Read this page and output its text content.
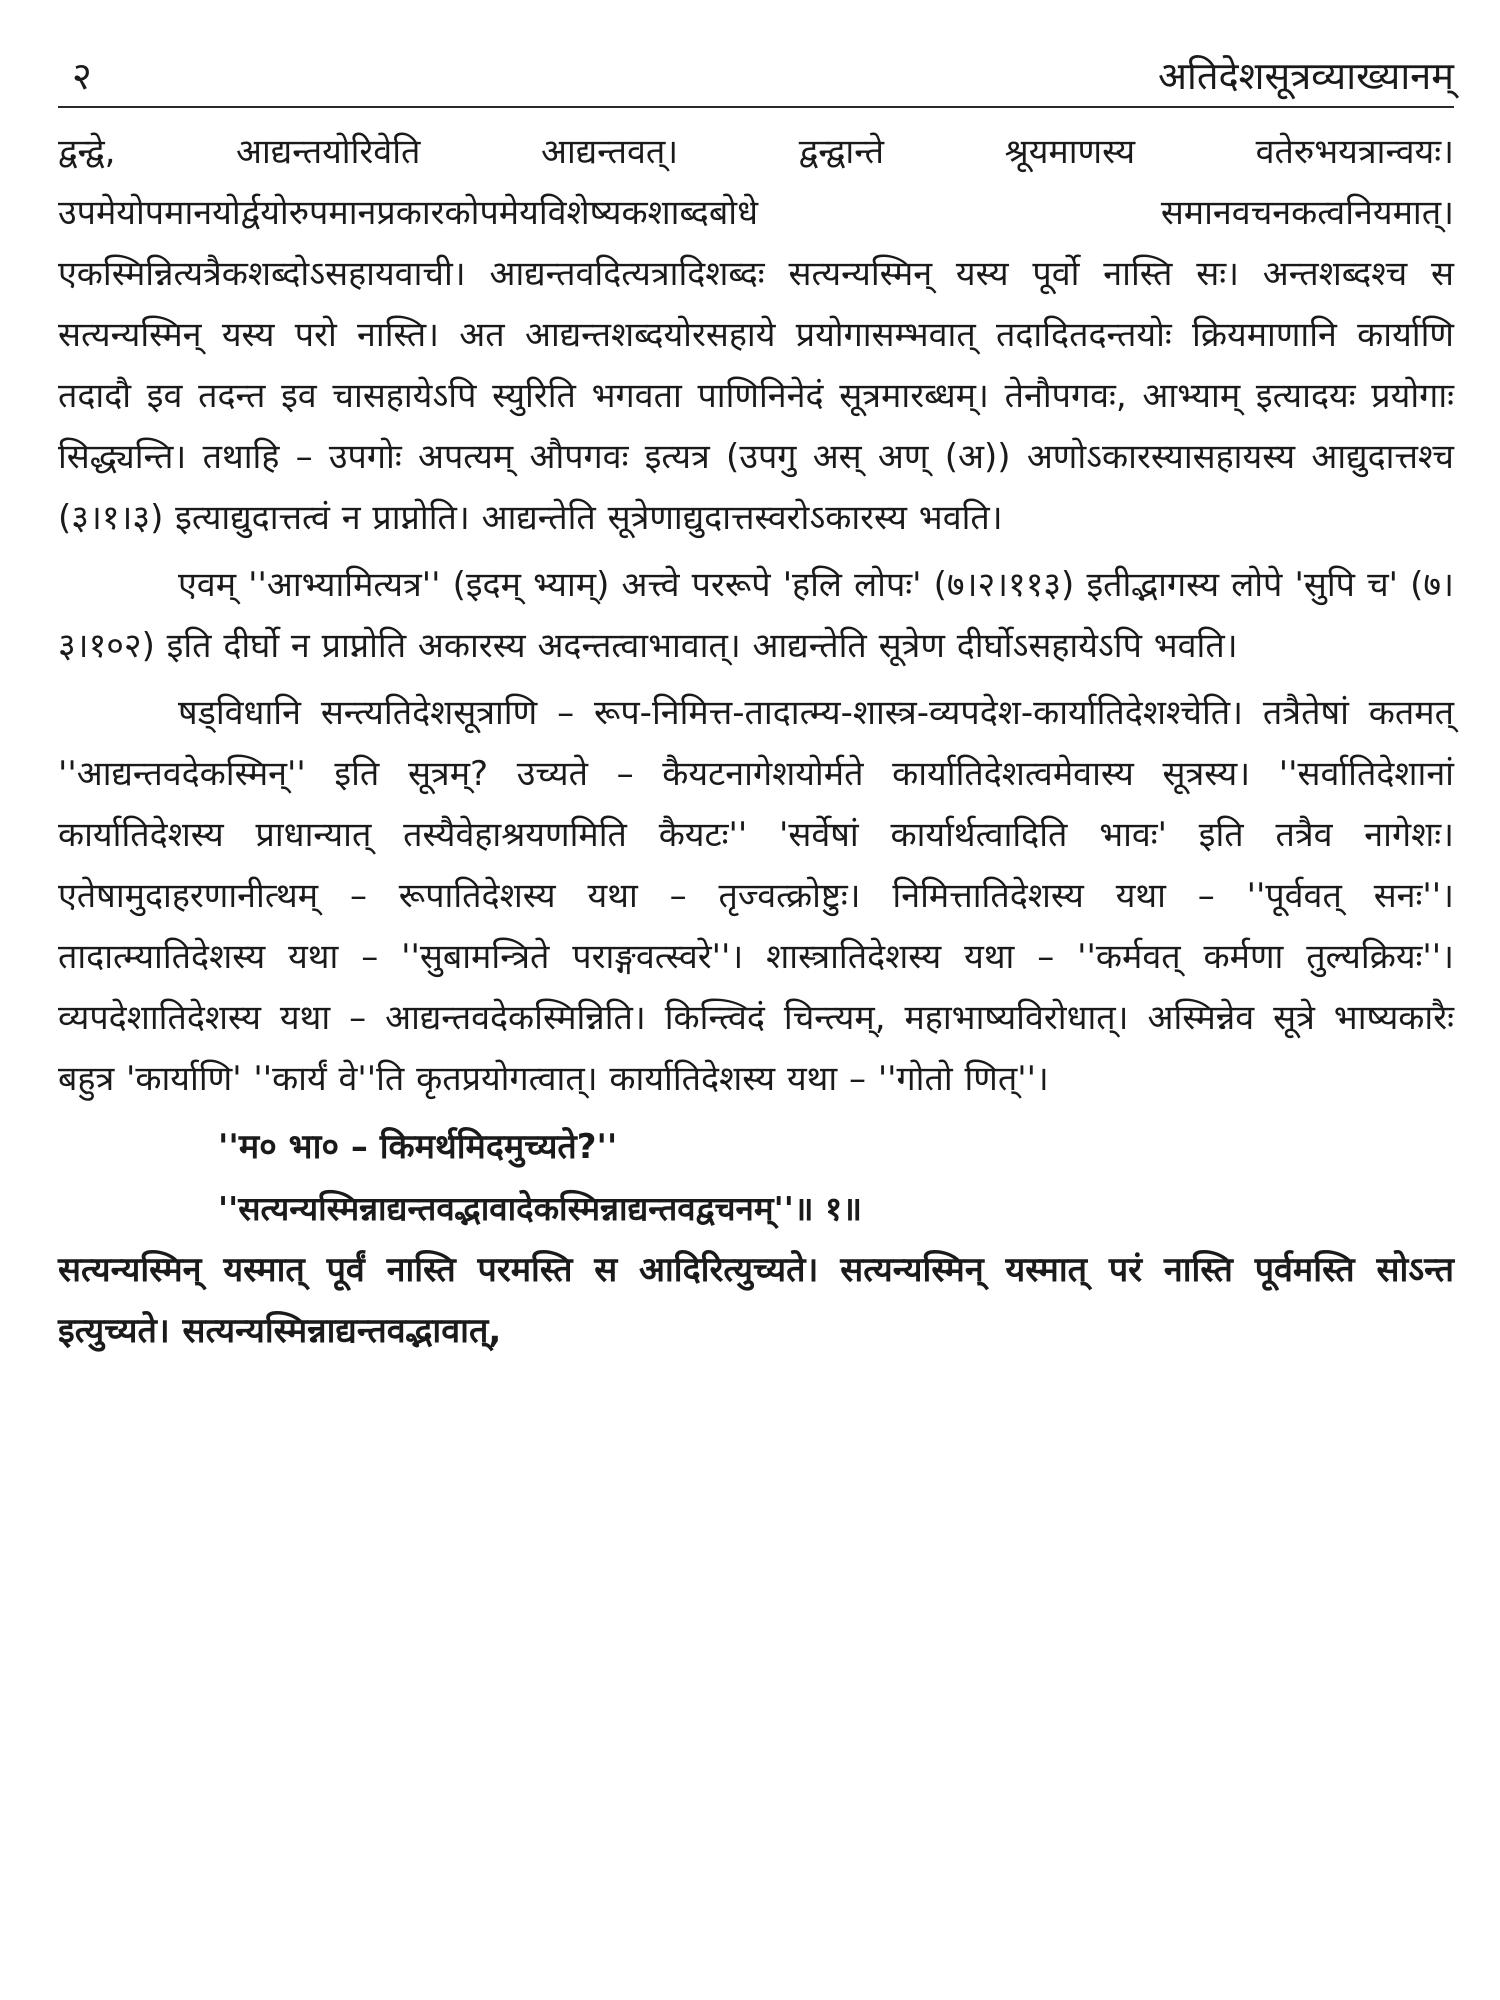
२	अतिदेशसूत्रव्याख्यानम्

द्वन्द्वे, आद्यन्तयोरिवेति आद्यन्तवत्। द्वन्द्वान्ते श्रूयमाणस्य वतेरुभयत्रान्वयः। उपमेयोपमानयोर्द्वयोरुपमानप्रकारकोपमेयविशेष्यकशाब्दबोधे समानवचनकत्वनियमात्। एकस्मिन्नित्यत्रैकशब्दोऽसहायवाची। आद्यन्तवदित्यत्रादिशब्दः सत्यन्यस्मिन् यस्य पूर्वो नास्ति सः। अन्तशब्दश्च स सत्यन्यस्मिन् यस्य परो नास्ति। अत आद्यन्तशब्दयोरसहाये प्रयोगासम्भवात् तदादितदन्तयोः क्रियमाणानि कार्याणि तदादौ इव तदन्त इव चासहायेऽपि स्युरिति भगवता पाणिनिनेदं सूत्रमारब्धम्। तेनौपगवः, आभ्याम् इत्यादयः प्रयोगाः सिद्ध्यन्ति। तथाहि – उपगोः अपत्यम् औपगवः इत्यत्र (उपगु अस् अण् (अ)) अणोऽकारस्यासहायस्य आद्युदात्तश्च (३।१।३) इत्याद्युदात्तत्वं न प्राप्नोति। आद्यन्तेति सूत्रेणाद्युदात्तस्वरोऽकारस्य भवति।

एवम् ''आभ्यामित्यत्र'' (इदम् भ्याम्) अत्त्वे पररूपे 'हलि लोपः' (७।२।११३) इतीद्भागस्य लोपे 'सुपि च' (७।३।१०२) इति दीर्घो न प्राप्नोति अकारस्य अदन्तत्वाभावात्। आद्यन्तेति सूत्रेण दीर्घोऽसहायेऽपि भवति।

षड्विधानि सन्त्यतिदेशसूत्राणि – रूप-निमित्त-तादात्म्य-शास्त्र-व्यपदेश-कार्यातिदेशश्चेति। तत्रैतेषां कतमत् ''आद्यन्तवदेकस्मिन्'' इति सूत्रम्? उच्यते – कैयटनागेशयोर्मते कार्यातिदेशत्वमेवास्य सूत्रस्य। ''सर्वातिदेशानां कार्यातिदेशस्य प्राधान्यात् तस्यैवेहाश्रयणमिति कैयटः'' 'सर्वेषां कार्यार्थत्वादिति भावः' इति तत्रैव नागेशः। एतेषामुदाहरणानीत्थम् – रूपातिदेशस्य यथा – तृज्वत्क्रोष्टुः। निमित्तातिदेशस्य यथा – ''पूर्ववत् सनः''। तादात्म्यातिदेशस्य यथा – ''सुबामन्त्रिते पराङ्गवत्स्वरे''। शास्त्रातिदेशस्य यथा – ''कर्मवत् कर्मणा तुल्यक्रियः''। व्यपदेशातिदेशस्य यथा – आद्यन्तवदेकस्मिन्निति। किन्त्विदं चिन्त्यम्, महाभाष्यविरोधात्। अस्मिन्नेव सूत्रे भाष्यकारैः बहुत्र 'कार्याणि' ''कार्यं वे''ति कृतप्रयोगत्वात्। कार्यातिदेशस्य यथा – ''गोतो णित्''।

''म० भा० – किमर्थमिदमुच्यते?''

''सत्यन्यस्मिन्नाद्यन्तवद्भावादेकस्मिन्नाद्यन्तवद्वचनम्''॥ १॥

सत्यन्यस्मिन् यस्मात् पूर्वं नास्ति परमस्ति स आदिरित्युच्यते। सत्यन्यस्मिन् यस्मात् परं नास्ति पूर्वमस्ति सोऽन्त इत्युच्यते। सत्यन्यस्मिन्नाद्यन्तवद्भावात्,
